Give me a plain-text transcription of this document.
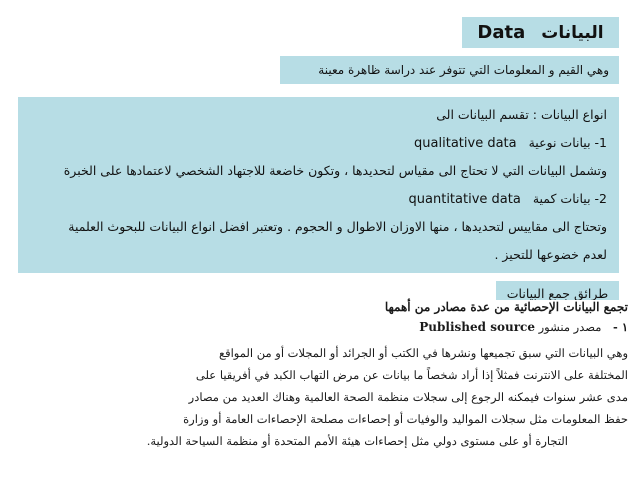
Data البيانات
وهي القيم و المعلومات التي تتوفر عند دراسة ظاهرة معينة
انواع البيانات : تقسم البيانات الى
1- بيانات نوعية qualitative data
وتشمل البيانات التي لا تحتاج الى مقياس لتحديدها ، وتكون خاضعة للاجتهاد الشخصي لاعتمادها على الخبرة
2- بيانات كمية quantitative data
وتحتاج الى مقاييس لتحديدها ، منها الاوزان الاطوال و الحجوم . وتعتبر افضل انواع البيانات للبحوث العلمية
لعدم خضوعها للتحيز .
طرائق جمع البيانات
تجمع البيانات الإحصائية من عدة مصادر من أهمها
١ - مصدر منشور Published source
وهي البيانات التي سبق تجميعها ونشرها في الكتب أو الجرائد أو المجلات أو من المواقع
المختلفة على الانترنت فمثلاً إذا أراد شخصاً ما بيانات عن مرض التهاب الكبد في أفريقيا على
مدى عشر سنوات فيمكنه الرجوع إلى سجلات منظمة الصحة العالمية وهناك العديد من مصادر
حفظ المعلومات مثل سجلات المواليد والوفيات أو إحصاءات مصلحة الإحصاءات العامة أو وزارة
التجارة أو على مستوى دولي مثل إحصاءات هيئة الأمم المتحدة أو منظمة السياحة الدولية.
